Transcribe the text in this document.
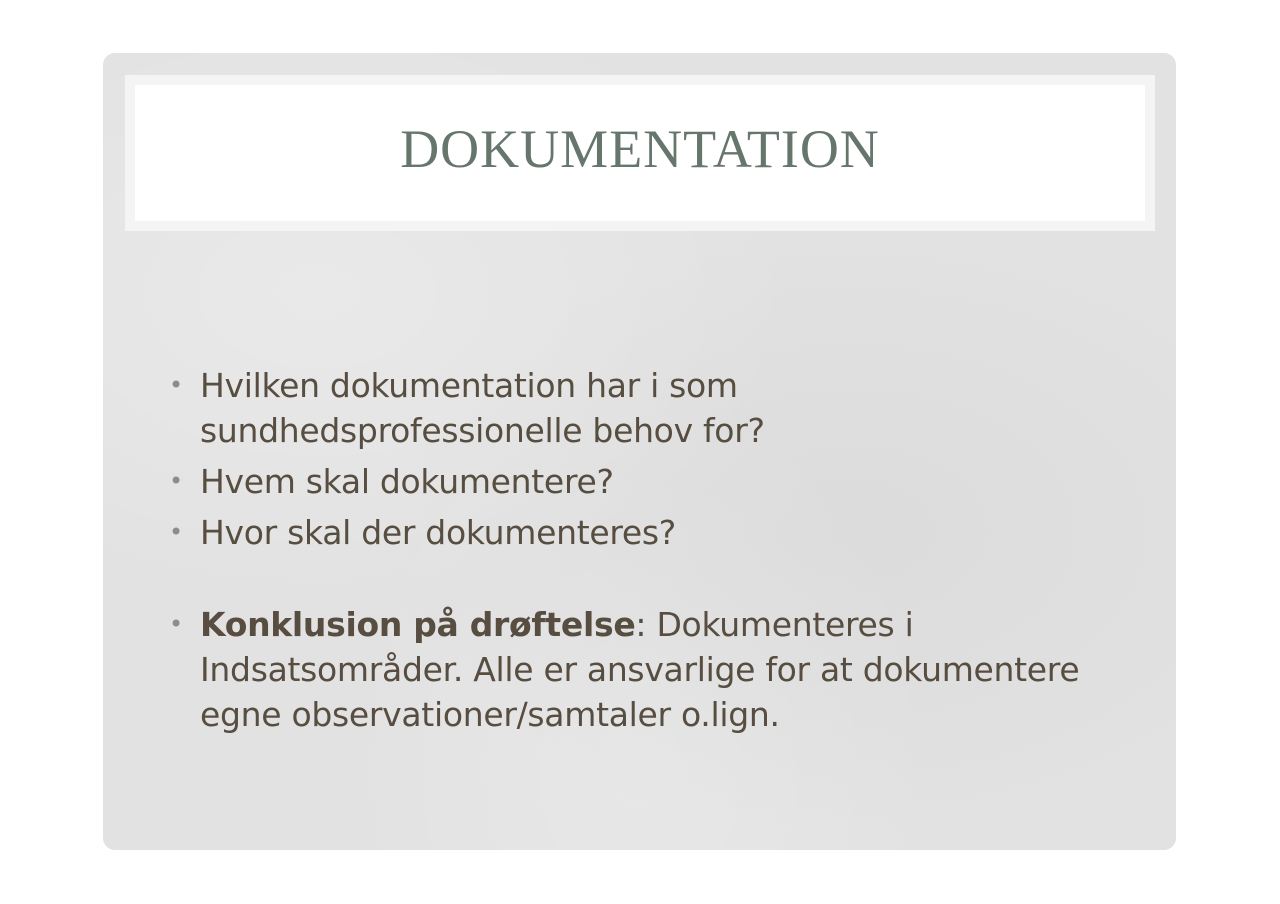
DOKUMENTATION
• Hvilken dokumentation har i som sundhedsprofessionelle behov for?
• Hvem skal dokumentere?
• Hvor skal der dokumenteres?
• Konklusion på drøftelse: Dokumenteres i Indsatsområder. Alle er ansvarlige for at dokumentere egne observationer/samtaler o.lign.
